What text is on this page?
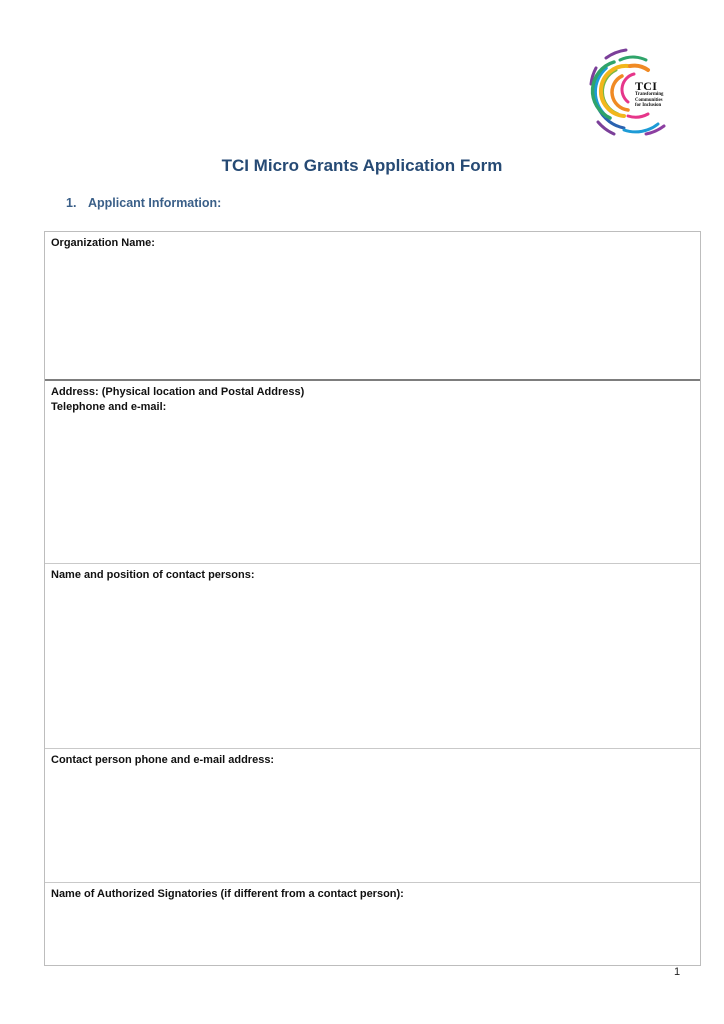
TCI
Transforming
Communities
for Inclusion
TCI Micro Grants Application Form
1. Applicant Information:
Organization Name:
Address: (Physical location and Postal Address)
Telephone and e-mail:
Name and position of contact persons:
Contact person phone and e-mail address:
Name of Authorized Signatories (if different from a contact person):
1
